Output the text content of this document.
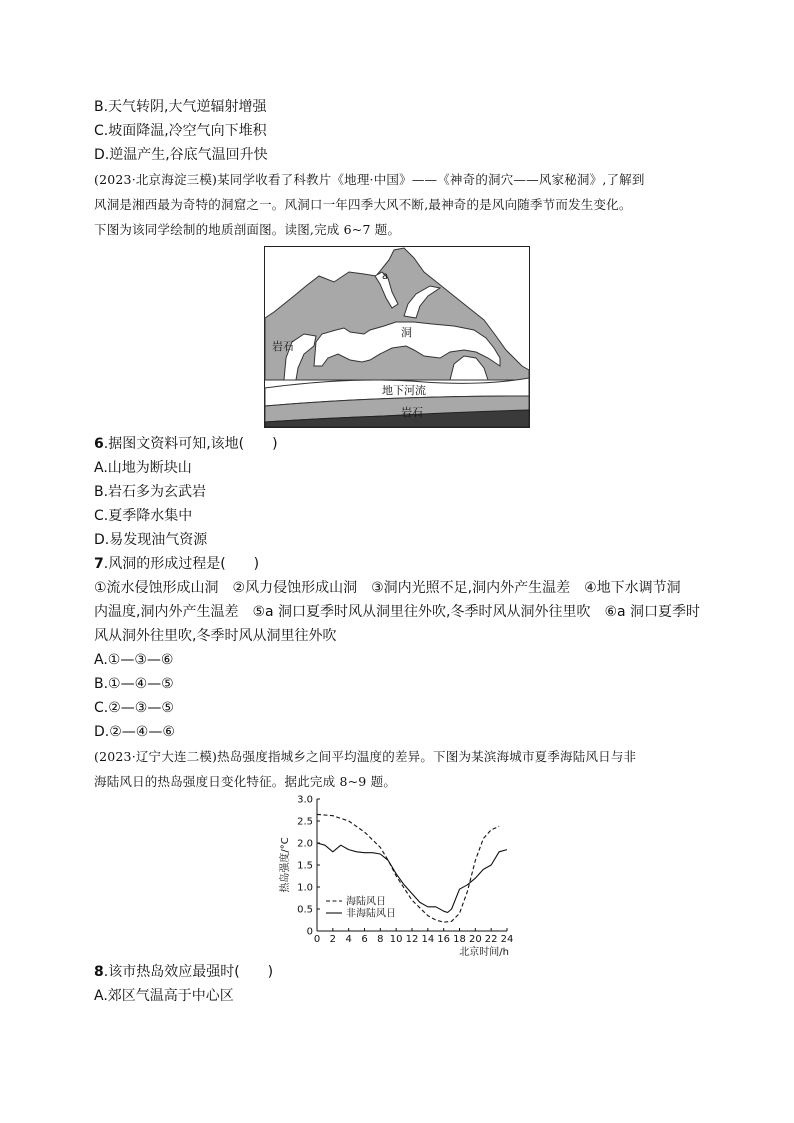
B.天气转阴,大气逆辐射增强
C.坡面降温,冷空气向下堆积
D.逆温产生,谷底气温回升快
(2023·北京海淀三模)某同学收看了科教片《地理·中国》——《神奇的洞穴——风家秘洞》,了解到
风洞是湘西最为奇特的洞窟之一。风洞口一年四季大风不断,最神奇的是风向随季节而发生变化。
下图为该同学绘制的地质剖面图。读图,完成 6~7 题。
a
洞
岩石
地下河流
岩石
6.据图文资料可知,该地(　　)
A.山地为断块山
B.岩石多为玄武岩
C.夏季降水集中
D.易发现油气资源
7.风洞的形成过程是(　　)
①流水侵蚀形成山洞　②风力侵蚀形成山洞　③洞内光照不足,洞内外产生温差　④地下水调节洞
内温度,洞内外产生温差　⑤a 洞口夏季时风从洞里往外吹,冬季时风从洞外往里吹　⑥a 洞口夏季时
风从洞外往里吹,冬季时风从洞里往外吹
A.①—③—⑥
B.①—④—⑤
C.②—③—⑤
D.②—④—⑥
(2023·辽宁大连二模)热岛强度指城乡之间平均温度的差异。下图为某滨海城市夏季海陆风日与非
海陆风日的热岛强度日变化特征。据此完成 8~9 题。
0
0.5
1.0
1.5
2.0
2.5
3.0
0 2 4 6 8 10 12 14 16 18 20 22 24
热岛强度/°C
北京时间/h
海陆风日
非海陆风日
8.该市热岛效应最强时(　　)
A.郊区气温高于中心区
